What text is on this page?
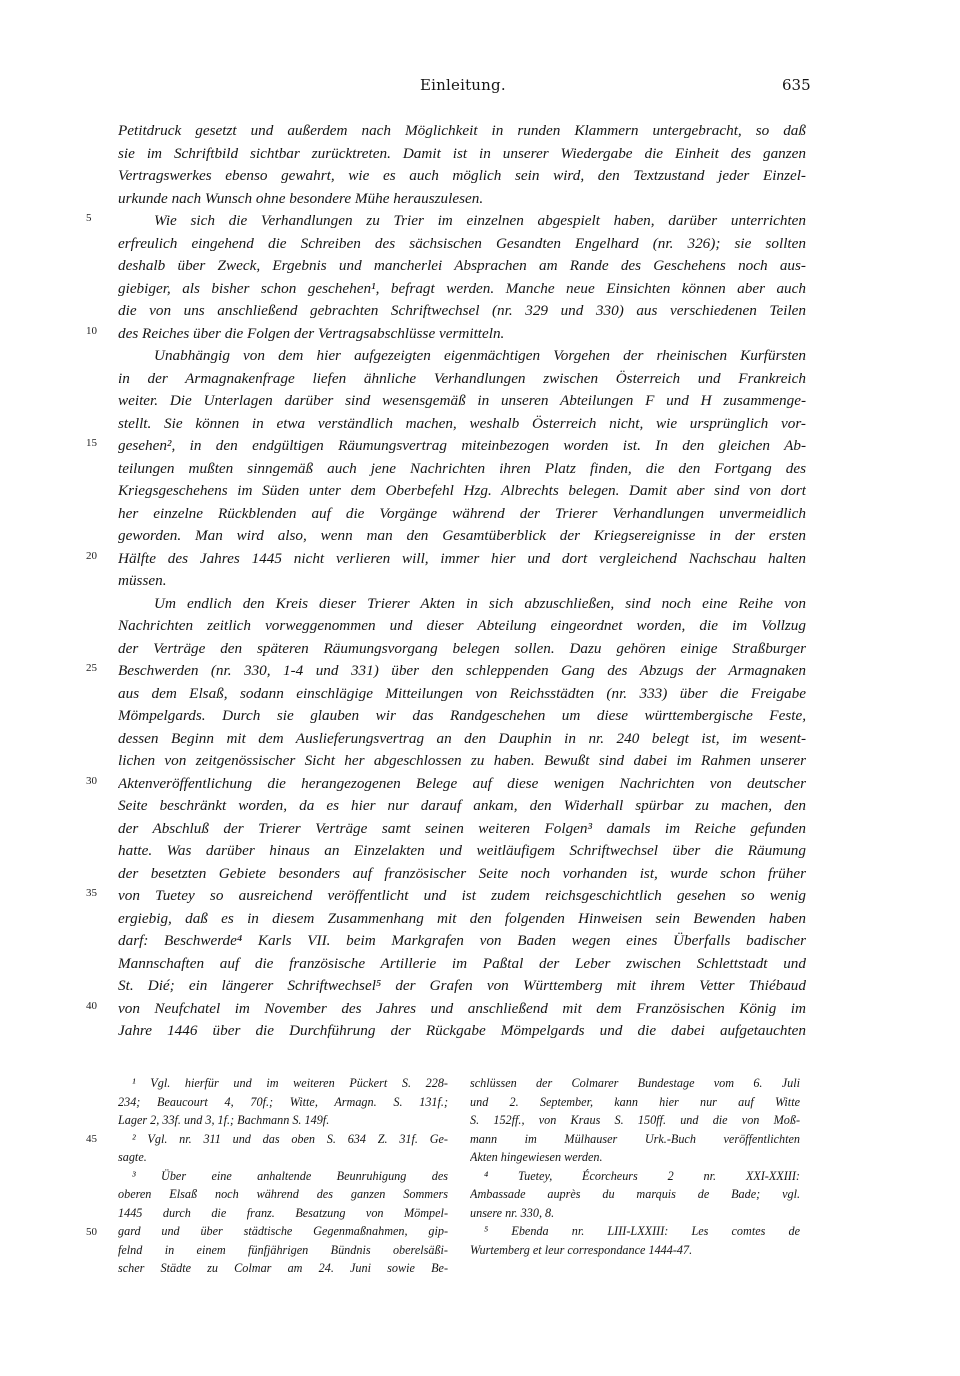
Einleitung.	635
Petitdruck gesetzt und außerdem nach Möglichkeit in runden Klammern untergebracht, so daß
sie im Schriftbild sichtbar zurücktreten. Damit ist in unserer Wiedergabe die Einheit des ganzen
Vertragswerkes ebenso gewahrt, wie es auch möglich sein wird, den Textzustand jeder Einzel-
urkunde nach Wunsch ohne besondere Mühe herauszulesen.
Wie sich die Verhandlungen zu Trier im einzelnen abgespielt haben, darüber unterrichten
erfreulich eingehend die Schreiben des sächsischen Gesandten Engelhard (nr. 326); sie sollten
deshalb über Zweck, Ergebnis und mancherlei Absprachen am Rande des Geschehens noch aus-
giebiger, als bisher schon geschehen¹, befragt werden. Manche neue Einsichten können aber auch
die von uns anschließend gebrachten Schriftwechsel (nr. 329 und 330) aus verschiedenen Teilen
des Reiches über die Folgen der Vertragsabschlüsse vermitteln.
Unabhängig von dem hier aufgezeigten eigenmächtigen Vorgehen der rheinischen Kurfürsten
in der Armagnakenfrage liefen ähnliche Verhandlungen zwischen Österreich und Frankreich
weiter. Die Unterlagen darüber sind wesensgemäß in unseren Abteilungen F und H zusammenge-
stellt. Sie können in etwa verständlich machen, weshalb Österreich nicht, wie ursprünglich vor-
gesehen², in den endgültigen Räumungsvertrag miteinbezogen worden ist. In den gleichen Ab-
teilungen mußten sinngemäß auch jene Nachrichten ihren Platz finden, die den Fortgang des
Kriegsgeschehens im Süden unter dem Oberbefehl Hzg. Albrechts belegen. Damit aber sind von dort
her einzelne Rückblenden auf die Vorgänge während der Trierer Verhandlungen unvermeidlich
geworden. Man wird also, wenn man den Gesamtüberblick der Kriegsereignisse in der ersten
Hälfte des Jahres 1445 nicht verlieren will, immer hier und dort vergleichend Nachschau halten
müssen.
Um endlich den Kreis dieser Trierer Akten in sich abzuschließen, sind noch eine Reihe von
Nachrichten zeitlich vorweggenommen und dieser Abteilung eingeordnet worden, die im Vollzug
der Verträge den späteren Räumungsvorgang belegen sollen. Dazu gehören einige Straßburger
Beschwerden (nr. 330, 1-4 und 331) über den schleppenden Gang des Abzugs der Armagnaken
aus dem Elsaß, sodann einschlägige Mitteilungen von Reichsstädten (nr. 333) über die Freigabe
Mömpelgards. Durch sie glauben wir das Randgeschehen um diese württembergische Feste,
dessen Beginn mit dem Auslieferungsvertrag an den Dauphin in nr. 240 belegt ist, im wesent-
lichen von zeitgenössischer Sicht her abgeschlossen zu haben. Bewußt sind dabei im Rahmen unserer
Aktenveröffentlichung die herangezogenen Belege auf diese wenigen Nachrichten von deutscher
Seite beschränkt worden, da es hier nur darauf ankam, den Widerhall spürbar zu machen, den
der Abschluß der Trierer Verträge samt seinen weiteren Folgen³ damals im Reiche gefunden
hatte. Was darüber hinaus an Einzelakten und weitläufigem Schriftwechsel über die Räumung
der besetzten Gebiete besonders auf französischer Seite noch vorhanden ist, wurde schon früher
von Tuetey so ausreichend veröffentlicht und ist zudem reichsgeschichtlich gesehen so wenig
ergiebig, daß es in diesem Zusammenhang mit den folgenden Hinweisen sein Bewenden haben
darf: Beschwerde⁴ Karls VII. beim Markgrafen von Baden wegen eines Überfalls badischer
Mannschaften auf die französische Artillerie im Paßtal der Leber zwischen Schlettstadt und
St. Dié; ein längerer Schriftwechsel⁵ der Grafen von Württemberg mit ihrem Vetter Thiébaud
von Neufchatel im November des Jahres und anschließend mit dem Französischen König im
Jahre 1446 über die Durchführung der Rückgabe Mömpelgards und die dabei aufgetauchten
5
10
15
20
25
30
35
40
¹ Vgl. hierfür und im weiteren Pückert S. 228-
234; Beaucourt 4, 70f.; Witte, Armagn. S. 131f.;
Lager 2, 33f. und 3, 1f.; Bachmann S. 149f.
² Vgl. nr. 311 und das oben S. 634 Z. 31f. Ge-
sagte.
³ Über eine anhaltende Beunruhigung des
oberen Elsaß noch während des ganzen Sommers
1445 durch die franz. Besatzung von Mömpel-
gard und über städtische Gegenmaßnahmen, gip-
felnd in einem fünfjährigen Bündnis oberelsäßi-
scher Städte zu Colmar am 24. Juni sowie Be-
schlüssen der Colmarer Bundestage vom 6. Juli
und 2. September, kann hier nur auf Witte
S. 152ff., von Kraus S. 150ff. und die von Moß-
mann im Mülhauser Urk.-Buch veröffentlichten
Akten hingewiesen werden.
⁴ Tuetey, Écorcheurs 2 nr. XXI-XXIII:
Ambassade auprès du marquis de Bade; vgl.
unsere nr. 330, 8.
⁵ Ebenda nr. LIII-LXXIII: Les comtes de
Wurtemberg et leur correspondance 1444-47.
45
50
